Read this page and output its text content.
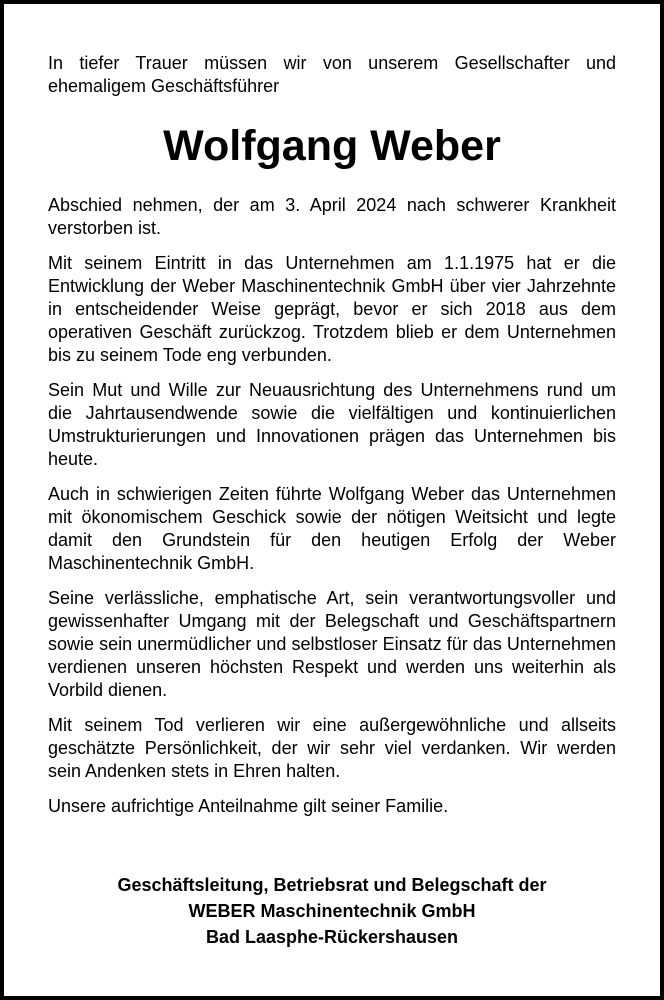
In tiefer Trauer müssen wir von unserem Gesellschafter und ehemaligem Geschäftsführer

Wolfgang Weber

Abschied nehmen, der am 3. April 2024 nach schwerer Krankheit verstorben ist.

Mit seinem Eintritt in das Unternehmen am 1.1.1975 hat er die Entwicklung der Weber Maschinentechnik GmbH über vier Jahrzehnte in entscheidender Weise geprägt, bevor er sich 2018 aus dem operativen Geschäft zurückzog. Trotzdem blieb er dem Unternehmen bis zu seinem Tode eng verbunden.

Sein Mut und Wille zur Neuausrichtung des Unternehmens rund um die Jahrtausendwende sowie die vielfältigen und kontinuierlichen Umstrukturierungen und Innovationen prägen das Unternehmen bis heute.

Auch in schwierigen Zeiten führte Wolfgang Weber das Unternehmen mit ökonomischem Geschick sowie der nötigen Weitsicht und legte damit den Grundstein für den heutigen Erfolg der Weber Maschinentechnik GmbH.

Seine verlässliche, emphatische Art, sein verantwortungsvoller und gewissenhafter Umgang mit der Belegschaft und Geschäftspartnern sowie sein unermüdlicher und selbstloser Einsatz für das Unternehmen verdienen unseren höchsten Respekt und werden uns weiterhin als Vorbild dienen.

Mit seinem Tod verlieren wir eine außergewöhnliche und allseits geschätzte Persönlichkeit, der wir sehr viel verdanken. Wir werden sein Andenken stets in Ehren halten.

Unsere aufrichtige Anteilnahme gilt seiner Familie.

Geschäftsleitung, Betriebsrat und Belegschaft der
WEBER Maschinentechnik GmbH
Bad Laasphe-Rückershausen
